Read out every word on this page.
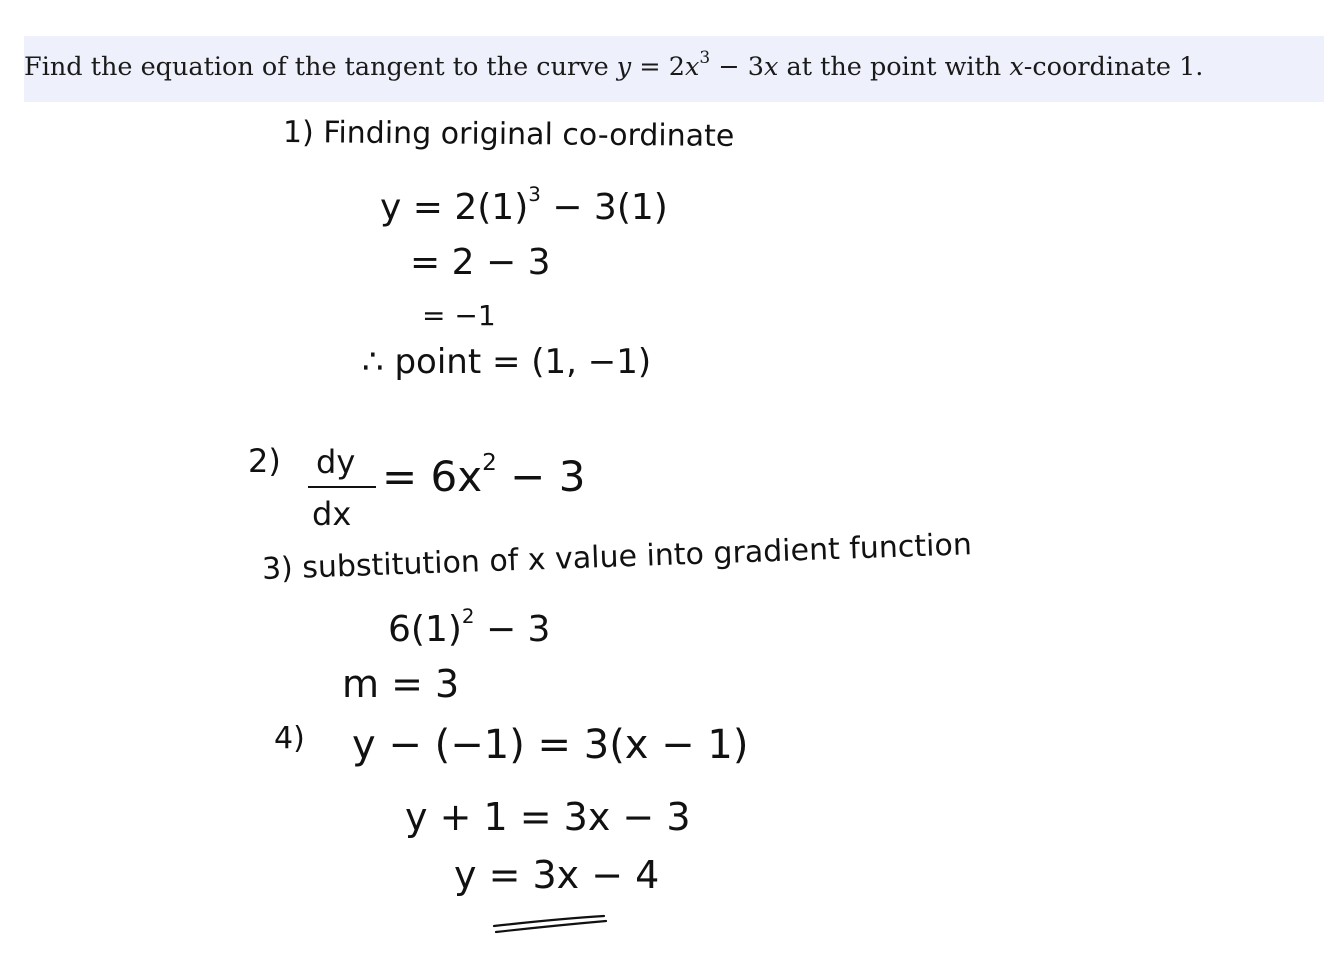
Find the equation of the tangent to the curve $y = 2x^3 - 3x$ at the point with x-coordinate 1.
1) Finding original co-ordinate
$y = 2(1)^3 - 3(1)$
= 2 − 3
= −1
∴ point = (1, −1)
2) dy
dx
= $6x^2 - 3$
3) substitution of x value into gradient function
$6(1)^2 - 3$
m = 3
4) y − (−1) = 3(x − 1)
y + 1 = 3x − 3
y = 3x − 4
